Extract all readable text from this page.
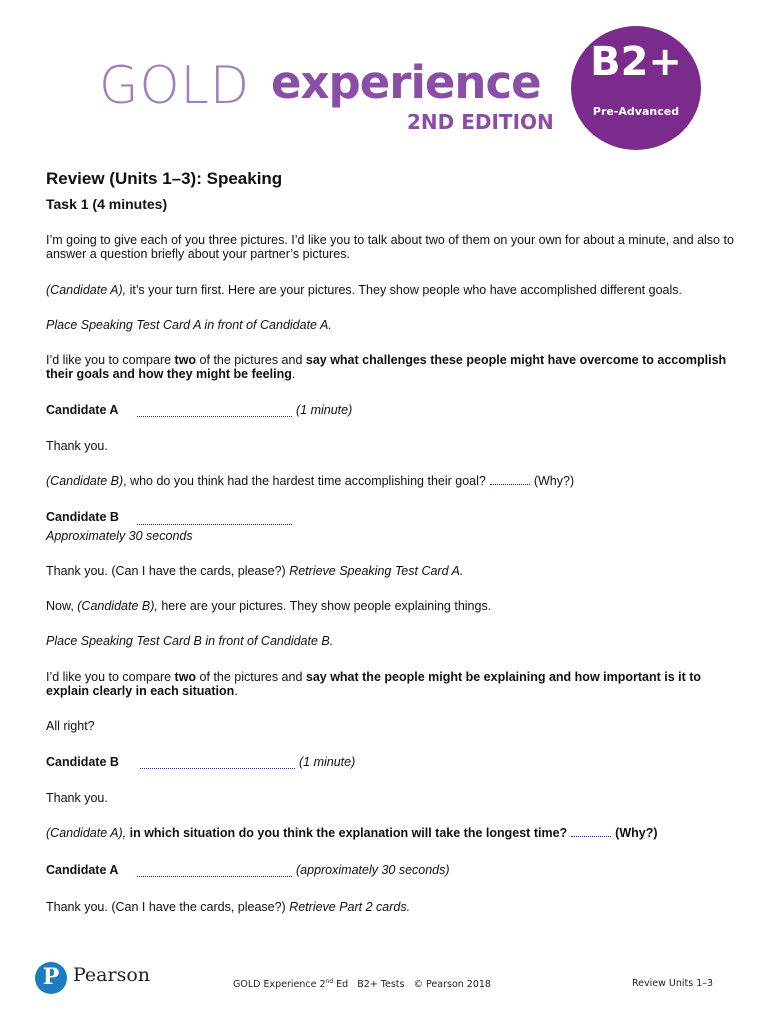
GOLD experience
2ND EDITION
B2+
Pre-Advanced
Review (Units 1–3): Speaking
Task 1 (4 minutes)

I’m going to give each of you three pictures. I’d like you to talk about two of them on your own for about a minute, and also to answer a question briefly about your partner’s pictures.

(Candidate A), it’s your turn first. Here are your pictures. They show people who have accomplished different goals.

Place Speaking Test Card A in front of Candidate A.

I’d like you to compare two of the pictures and say what challenges these people might have overcome to accomplish their goals and how they might be feeling.

Candidate A	(1 minute)

Thank you.

(Candidate B), who do you think had the hardest time accomplishing their goal?	(Why?)

Candidate B

Approximately 30 seconds

Thank you. (Can I have the cards, please?) Retrieve Speaking Test Card A.

Now, (Candidate B), here are your pictures. They show people explaining things.

Place Speaking Test Card B in front of Candidate B.

I’d like you to compare two of the pictures and say what the people might be explaining and how important is it to explain clearly in each situation.

All right?

Candidate B	(1 minute)

Thank you.

(Candidate A), in which situation do you think the explanation will take the longest time?	(Why?)

Candidate A	(approximately 30 seconds)

Thank you. (Can I have the cards, please?) Retrieve Part 2 cards.

P Pearson	GOLD Experience 2nd Ed   B2+ Tests   © Pearson 2018	Review Units 1–3
